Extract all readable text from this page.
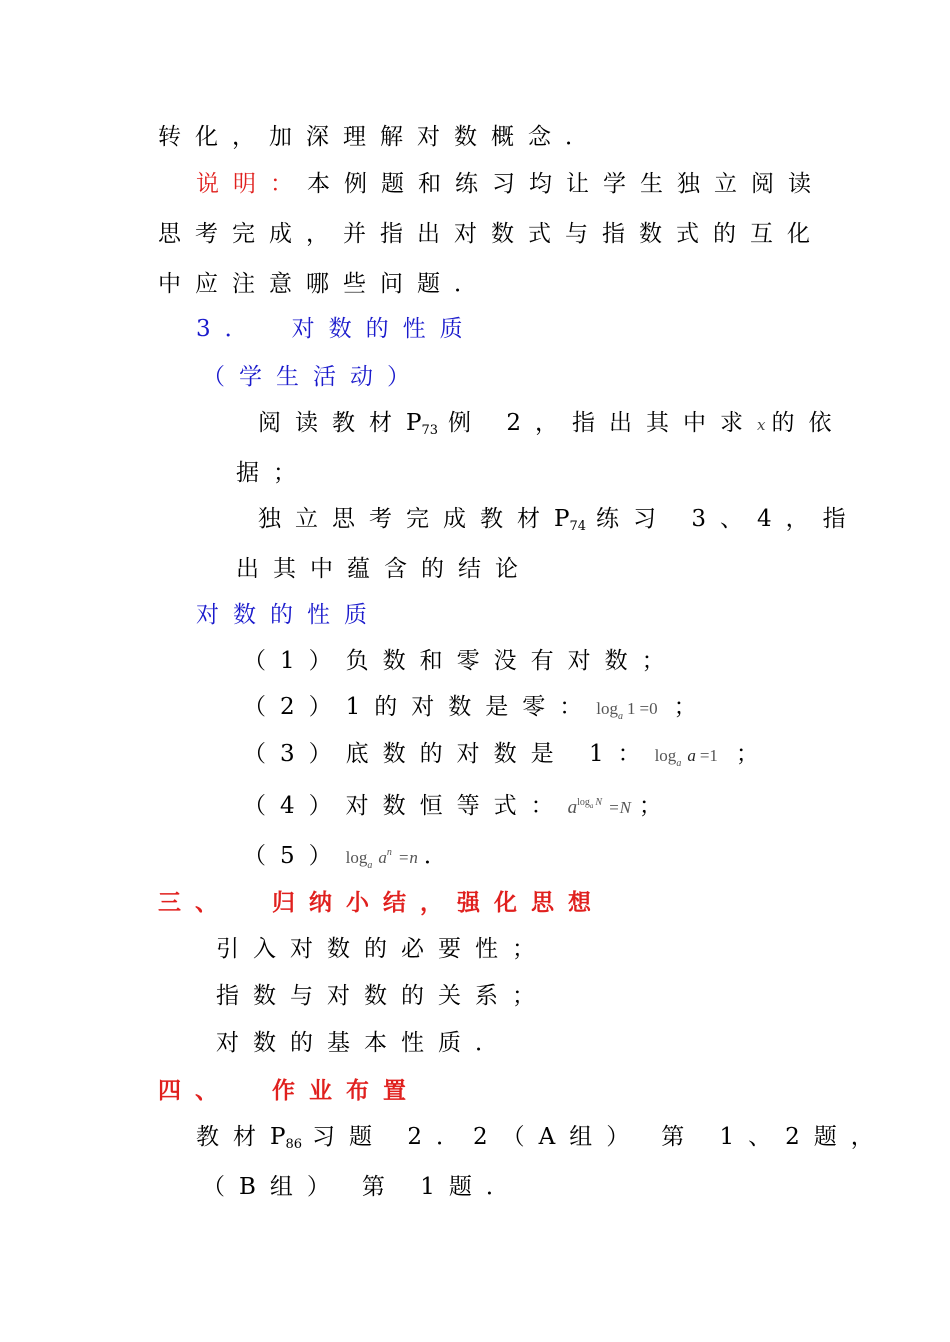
转化，加深理解对数概念．
说明：本例题和练习均让学生独立阅读
思考完成，并指出对数式与指数式的互化
中应注意哪些问题．
3． 对数的性质
（学生活动）
阅读教材$P_{73}$ 例 2，指出其中求x 的依
据；
独立思考完成教材$P_{74}$ 练习 3、4，指
出其中蕴含的结论
对数的性质
（1）负数和零没有对数；
（2）1的对数是零：$\log_a 1 =0$ ；
（3）底数的对数是 1：$\log_a a =1$ ；
（4）对数恒等式：$a^{loga}$ $^N$ =N ；
$(5)\log_a$ $a^n =n$ ．
三、 归纳小结，强化思想
引入对数的必要性；
指数与对数的关系；
对数的基本性质．
四、 作业布置
教材$P_{86}$ 习题 2．2（A组） 第 1、2题，
（B组） 第 1题．
